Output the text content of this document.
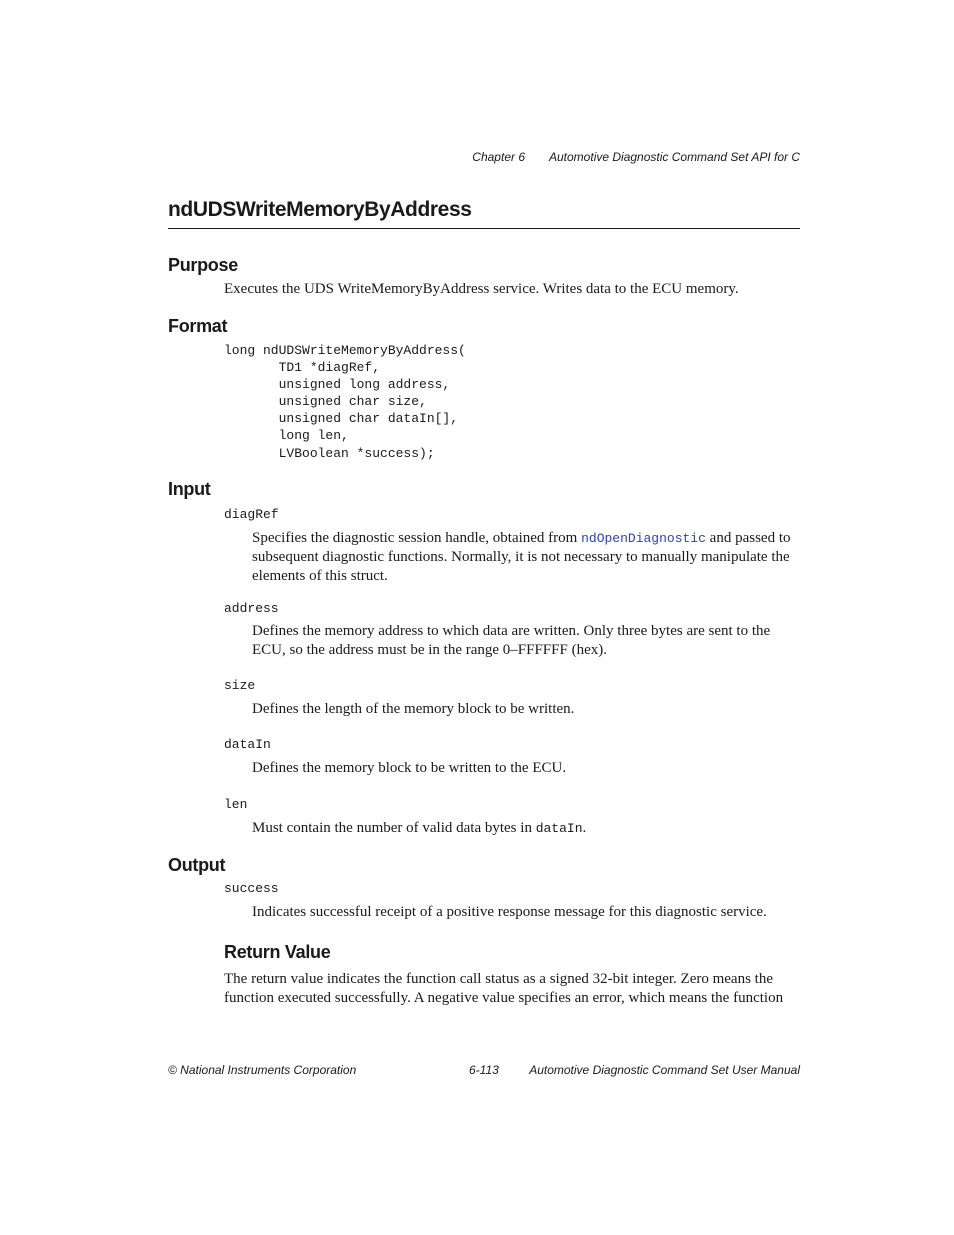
Chapter 6 Automotive Diagnostic Command Set API for C
ndUDSWriteMemoryByAddress
Purpose
Executes the UDS WriteMemoryByAddress service. Writes data to the ECU memory.
Format
long ndUDSWriteMemoryByAddress(
TD1 *diagRef,
unsigned long address,
unsigned char size,
unsigned char dataIn[],
long len,
LVBoolean *success);
Input
diagRef
Specifies the diagnostic session handle, obtained from ndOpenDiagnostic and passed to subsequent diagnostic functions. Normally, it is not necessary to manually manipulate the elements of this struct.
address
Defines the memory address to which data are written. Only three bytes are sent to the ECU, so the address must be in the range 0–FFFFFF (hex).
size
Defines the length of the memory block to be written.
dataIn
Defines the memory block to be written to the ECU.
len
Must contain the number of valid data bytes in dataIn.
Output
success
Indicates successful receipt of a positive response message for this diagnostic service.
Return Value
The return value indicates the function call status as a signed 32-bit integer. Zero means the function executed successfully. A negative value specifies an error, which means the function
© National Instruments Corporation	6-113	Automotive Diagnostic Command Set User Manual
